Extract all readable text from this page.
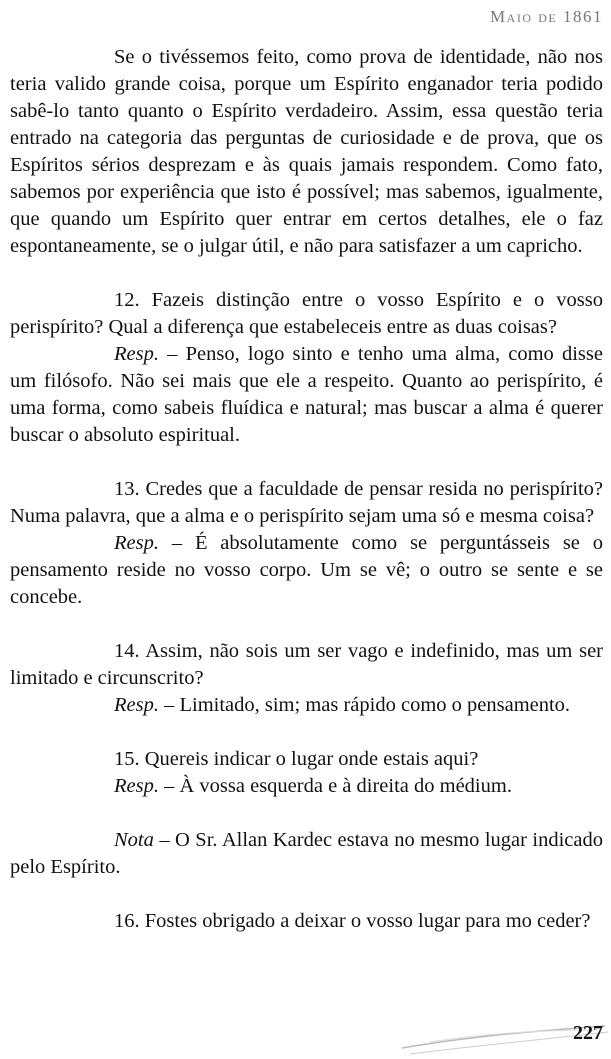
Maio de 1861

Se o tivéssemos feito, como prova de identidade, não nos teria valido grande coisa, porque um Espírito enganador teria podido sabê-lo tanto quanto o Espírito verdadeiro. Assim, essa questão teria entrado na categoria das perguntas de curiosidade e de prova, que os Espíritos sérios desprezam e às quais jamais respondem. Como fato, sabemos por experiência que isto é possível; mas sabemos, igualmente, que quando um Espírito quer entrar em certos detalhes, ele o faz espontaneamente, se o julgar útil, e não para satisfazer a um capricho.

12. Fazeis distinção entre o vosso Espírito e o vosso perispírito? Qual a diferença que estabeleceis entre as duas coisas?

Resp. – Penso, logo sinto e tenho uma alma, como disse um filósofo. Não sei mais que ele a respeito. Quanto ao perispírito, é uma forma, como sabeis fluídica e natural; mas buscar a alma é querer buscar o absoluto espiritual.

13. Credes que a faculdade de pensar resida no perispírito? Numa palavra, que a alma e o perispírito sejam uma só e mesma coisa?

Resp. – É absolutamente como se perguntásseis se o pensamento reside no vosso corpo. Um se vê; o outro se sente e se concebe.

14. Assim, não sois um ser vago e indefinido, mas um ser limitado e circunscrito?

Resp. – Limitado, sim; mas rápido como o pensamento.

15. Quereis indicar o lugar onde estais aqui?

Resp. – À vossa esquerda e à direita do médium.

Nota – O Sr. Allan Kardec estava no mesmo lugar indicado pelo Espírito.

16. Fostes obrigado a deixar o vosso lugar para mo ceder?

227
